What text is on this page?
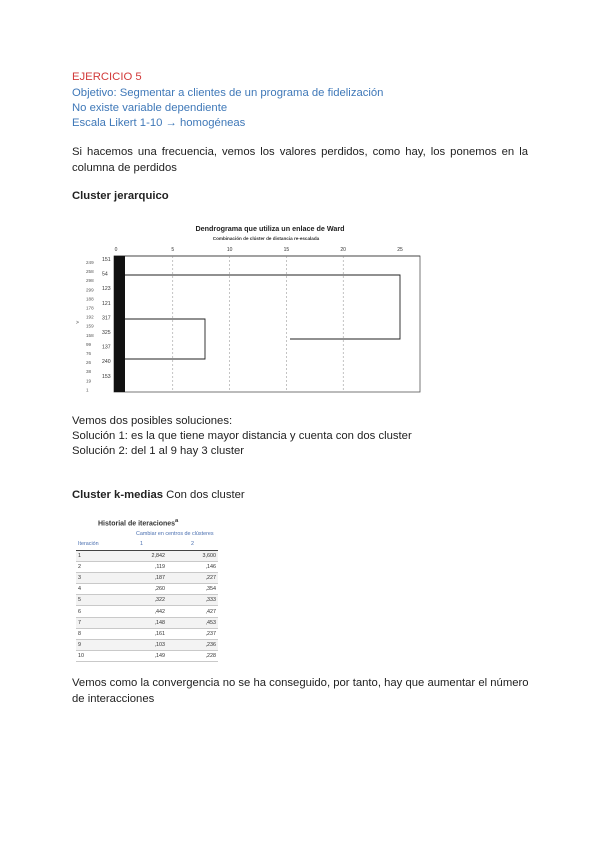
EJERCICIO 5
Objetivo: Segmentar a clientes de un programa de fidelización
No existe variable dependiente
Escala Likert 1-10 → homogéneas
Si hacemos una frecuencia, vemos los valores perdidos, como hay, los ponemos en la columna de perdidos
Cluster jerarquico
Dendrograma que utiliza un enlace de Ward
Combinación de clúster de distancia re-escalada
0	5	10	15	20	25
249
258
298
299
188
178
192
159
158
99
76
26
38
19
1
151
54
123
121
317
325
137
240
153
>
Vemos dos posibles soluciones:
Solución 1: es la que tiene mayor distancia y cuenta con dos cluster
Solución 2: del 1 al 9 hay 3 cluster
Cluster k-medias Con dos cluster
Historial de iteraciones$^a$
Cambiar en centros de clústeres
Iteración	1	2
1	2,842	3,600
2	,119	,146
3	,187	,227
4	,260	,354
5	,322	,333
6	,442	,427
7	,148	,453
8	,161	,237
9	,103	,236
10	,149	,228
Vemos como la convergencia no se ha conseguido, por tanto, hay que aumentar el número de interacciones
